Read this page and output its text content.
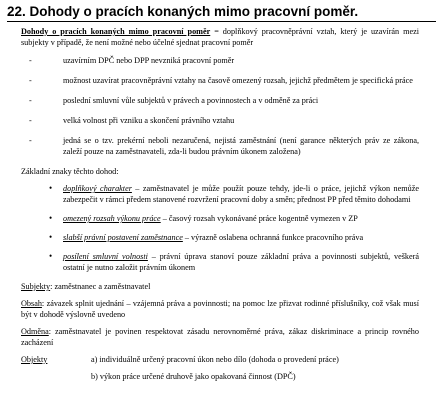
22. Dohody o pracích konaných mimo pracovní poměr.

Dohody o pracích konaných mimo pracovní poměr = doplňkový pracovněprávní vztah, který je uzavírán mezi subjekty v případě, že není možné nebo účelné sjednat pracovní poměr

- uzavírním DPČ nebo DPP nevzniká pracovní poměr
- možnost uzavírat pracovněprávní vztahy na časově omezený rozsah, jejichž předmětem je specifická práce
- poslední smluvní vůle subjektů v právech a povinnostech a v odměně za práci
- velká volnost při vzniku a skončení právního vztahu
- jedná se o tzv. prekérní neboli nezaručená, nejistá zaměstnání (není garance některých práv ze zákona, zaleží pouze na zaměstnavateli, zda-li budou právním úkonem založena)

Základní znaky těchto dohod:

• doplňkový charakter – zaměstnavatel je může použít pouze tehdy, jde-li o práce, jejichž výkon nemůže zabezpečit v rámci předem stanovené rozvržení pracovní doby a směn; přednost PP před těmito dohodami
• omezený rozsah výkonu práce – časový rozsah vykonávané práce kogentně vymezen v ZP
• slabší právní postavení zaměstnance – výrazně oslabena ochranná funkce pracovního práva
• posílení smluvní volnosti – právní úprava stanoví pouze základní práva a povinnosti subjektů, veškerá ostatní je nutno založit právním úkonem

Subjekty: zaměstnanec a zaměstnavatel

Obsah: závazek splnit ujednání – vzájemná práva a povinnosti; na pomoc lze přizvat rodinné příslušníky, což však musí být v dohodě výslovně uvedeno

Odměna: zaměstnavatel je povinen respektovat zásadu nerovnoměrné práva, zákaz diskriminace a princip rovného zacházení

Objekty	a) individuálně určený pracovní úkon nebo dílo (dohoda o provedení práce)
b) výkon práce určené druhově jako opakovaná činnost (DPČ)
